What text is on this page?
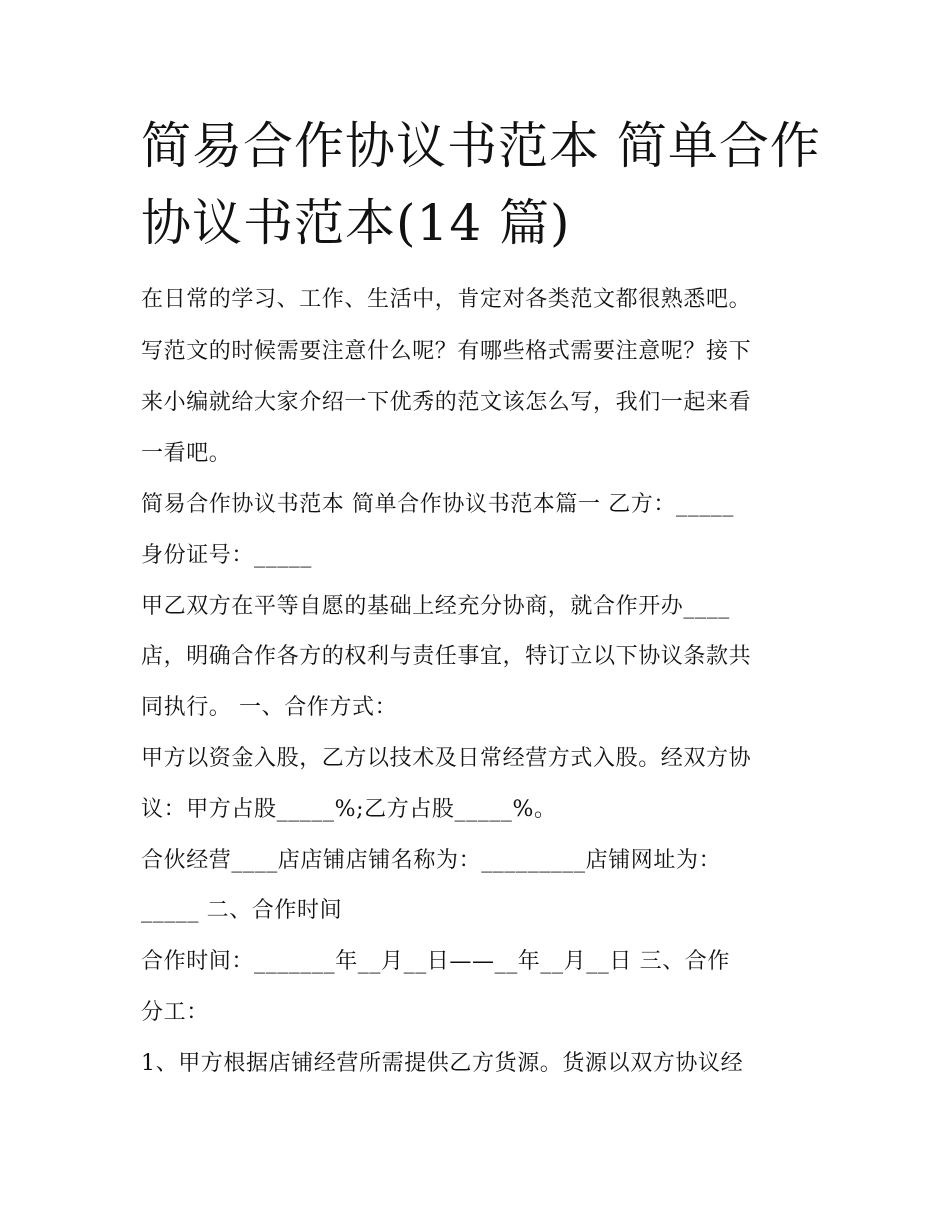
简易合作协议书范本 简单合作
协议书范本(14 篇)

在日常的学习、工作、生活中，肯定对各类范文都很熟悉吧。

写范文的时候需要注意什么呢？有哪些格式需要注意呢？接下

来小编就给大家介绍一下优秀的范文该怎么写，我们一起来看

一看吧。

简易合作协议书范本 简单合作协议书范本篇一 乙方：_____

身份证号：_____

甲乙双方在平等自愿的基础上经充分协商，就合作开办____

店，明确合作各方的权利与责任事宜，特订立以下协议条款共

同执行。 一、合作方式：

甲方以资金入股，乙方以技术及日常经营方式入股。经双方协

议：甲方占股_____%;乙方占股_____%。

合伙经营____店店铺店铺名称为：_________店铺网址为：

_____ 二、合作时间

合作时间：_______年__月__日——__年__月__日 三、合作

分工：

1、甲方根据店铺经营所需提供乙方货源。货源以双方协议经
